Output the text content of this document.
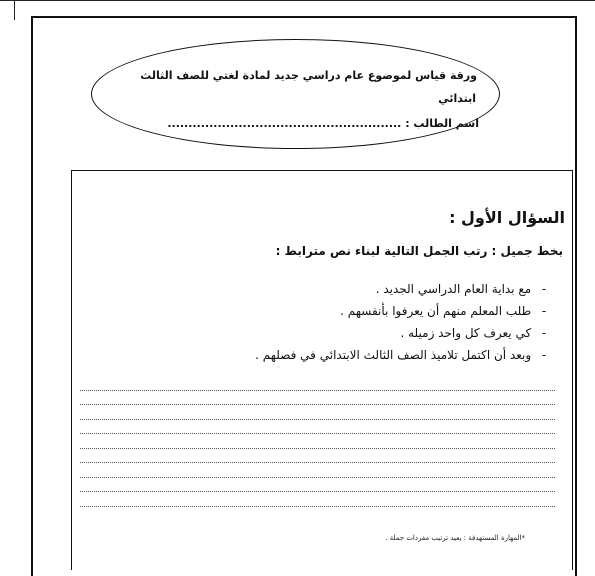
ورقة قياس لموضوع عام دراسي جديد لمادة لغتي للصف الثالث
ابتدائي
اسم الطالب : ........................................................
السؤال الأول :
بخط جميل : رتب الجمل التالية لبناء نص مترابط :
- مع بداية العام الدراسي الجديد .
- طلب المعلم منهم أن يعرفوا بأنفسهم .
- كي يعرف كل واحد زميله .
- وبعد أن اكتمل تلاميذ الصف الثالث الابتدائي في فصلهم .
*المهارة المستهدفة : يعيد ترتيب مفردات جملة .
